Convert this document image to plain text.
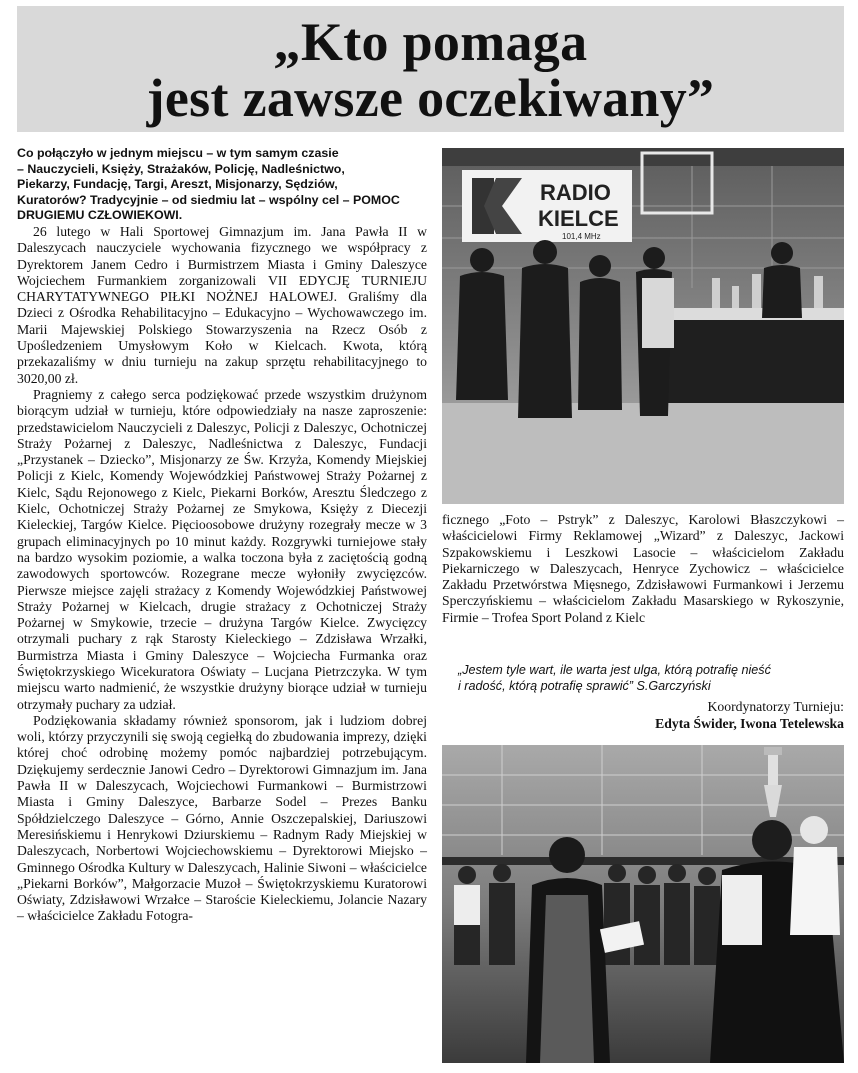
„Kto pomaga
jest zawsze oczekiwany”
Co połączyło w jednym miejscu – w tym samym czasie
– Nauczycieli, Księży, Strażaków, Policję, Nadleśnictwo,
Piekarzy, Fundację, Targi, Areszt, Misjonarzy, Sędziów,
Kuratorów? Tradycyjnie – od siedmiu lat – wspólny cel – POMOC
DRUGIEMU CZŁOWIEKOWI.

26 lutego w Hali Sportowej Gimnazjum im. Jana Pawła II w Daleszycach nauczyciele wychowania fizycznego we współpracy z Dyrektorem Janem Cedro i Burmistrzem Miasta i Gminy Daleszyce Wojciechem Furmankiem zorganizowali VII EDYCJĘ TURNIEJU CHARYTATYWNEGO PIŁKI NOŻNEJ HALOWEJ. Graliśmy dla Dzieci z Ośrodka Rehabilitacyjno – Edukacyjno – Wychowawczego im. Marii Majewskiej Polskiego Stowarzyszenia na Rzecz Osób z Upośledzeniem Umysłowym Koło w Kielcach. Kwota, którą przekazaliśmy w dniu turnieju na zakup sprzętu rehabilitacyjnego to 3020,00 zł.

Pragniemy z całego serca podziękować przede wszystkim drużynom biorącym udział w turnieju, które odpowiedziały na nasze zaproszenie: przedstawicielom Nauczycieli z Daleszyc, Policji z Daleszyc, Ochotniczej Straży Pożarnej z Daleszyc, Nadleśnictwa z Daleszyc, Fundacji „Przystanek – Dziecko”, Misjonarzy ze Św. Krzyża, Komendy Miejskiej Policji z Kielc, Komendy Wojewódzkiej Państwowej Straży Pożarnej z Kielc, Sądu Rejonowego z Kielc, Piekarni Borków, Aresztu Śledczego z Kielc, Ochotniczej Straży Pożarnej ze Smykowa, Księży z Diecezji Kieleckiej, Targów Kielce. Pięcioosobowe drużyny rozegrały mecze w 3 grupach eliminacyjnych po 10 minut każdy. Rozgrywki turniejowe stały na bardzo wysokim poziomie, a walka toczona była z zaciętością godną zawodowych sportowców. Rozegrane mecze wyłoniły zwycięzców. Pierwsze miejsce zajęli strażacy z Komendy Wojewódzkiej Państwowej Straży Pożarnej w Kielcach, drugie strażacy z Ochotniczej Straży Pożarnej w Smykowie, trzecie – drużyna Targów Kielce. Zwycięzcy otrzymali puchary z rąk Starosty Kieleckiego – Zdzisława Wrzałki, Burmistrza Miasta i Gminy Daleszyce – Wojciecha Furmanka oraz Świętokrzyskiego Wicekuratora Oświaty – Lucjana Pietrzczyka. W tym miejscu warto nadmienić, że wszystkie drużyny biorące udział w turnieju otrzymały puchary za udział.

Podziękowania składamy również sponsorom, jak i ludziom dobrej woli, którzy przyczynili się swoją cegiełką do zbudowania imprezy, dzięki której choć odrobinę możemy pomóc najbardziej potrzebującym. Dziękujemy serdecznie Janowi Cedro – Dyrektorowi Gimnazjum im. Jana Pawła II w Daleszycach, Wojciechowi Furmankowi – Burmistrzowi Miasta i Gminy Daleszyce, Barbarze Sodel – Prezes Banku Spółdzielczego Daleszyce – Górno, Annie Oszczepalskiej, Dariuszowi Meresińskiemu i Henrykowi Dziurskiemu – Radnym Rady Miejskiej w Daleszycach, Norbertowi Wojciechowskiemu – Dyrektorowi Miejsko – Gminnego Ośrodka Kultury w Daleszycach, Halinie Siwoni – właścicielce „Piekarni Borków”, Małgorzacie Muzoł – Świętokrzyskiemu Kuratorowi Oświaty, Zdzisławowi Wrzałce – Staroście Kieleckiemu, Jolancie Nazary – właścicielce Zakładu Fotogra-

RADIO
KIELCE
101,4 MHz

ficznego „Foto – Pstryk” z Daleszyc, Karolowi Błaszczykowi – właścicielowi Firmy Reklamowej „Wizard” z Daleszyc, Jackowi Szpakowskiemu i Leszkowi Lasocie – właścicielom Zakładu Piekarniczego w Daleszycach, Henryce Zychowicz – właścicielce Zakładu Przetwórstwa Mięsnego, Zdzisławowi Furmankowi i Jerzemu Sperczyńskiemu – właścicielom Zakładu Masarskiego w Rykoszynie, Firmie – Trofea Sport Poland z Kielc

„Jestem tyle wart, ile warta jest ulga, którą potrafię nieść
i radość, którą potrafię sprawić” S.Garczyński
Koordynatorzy Turnieju:
Edyta Świder, Iwona Tetelewska
